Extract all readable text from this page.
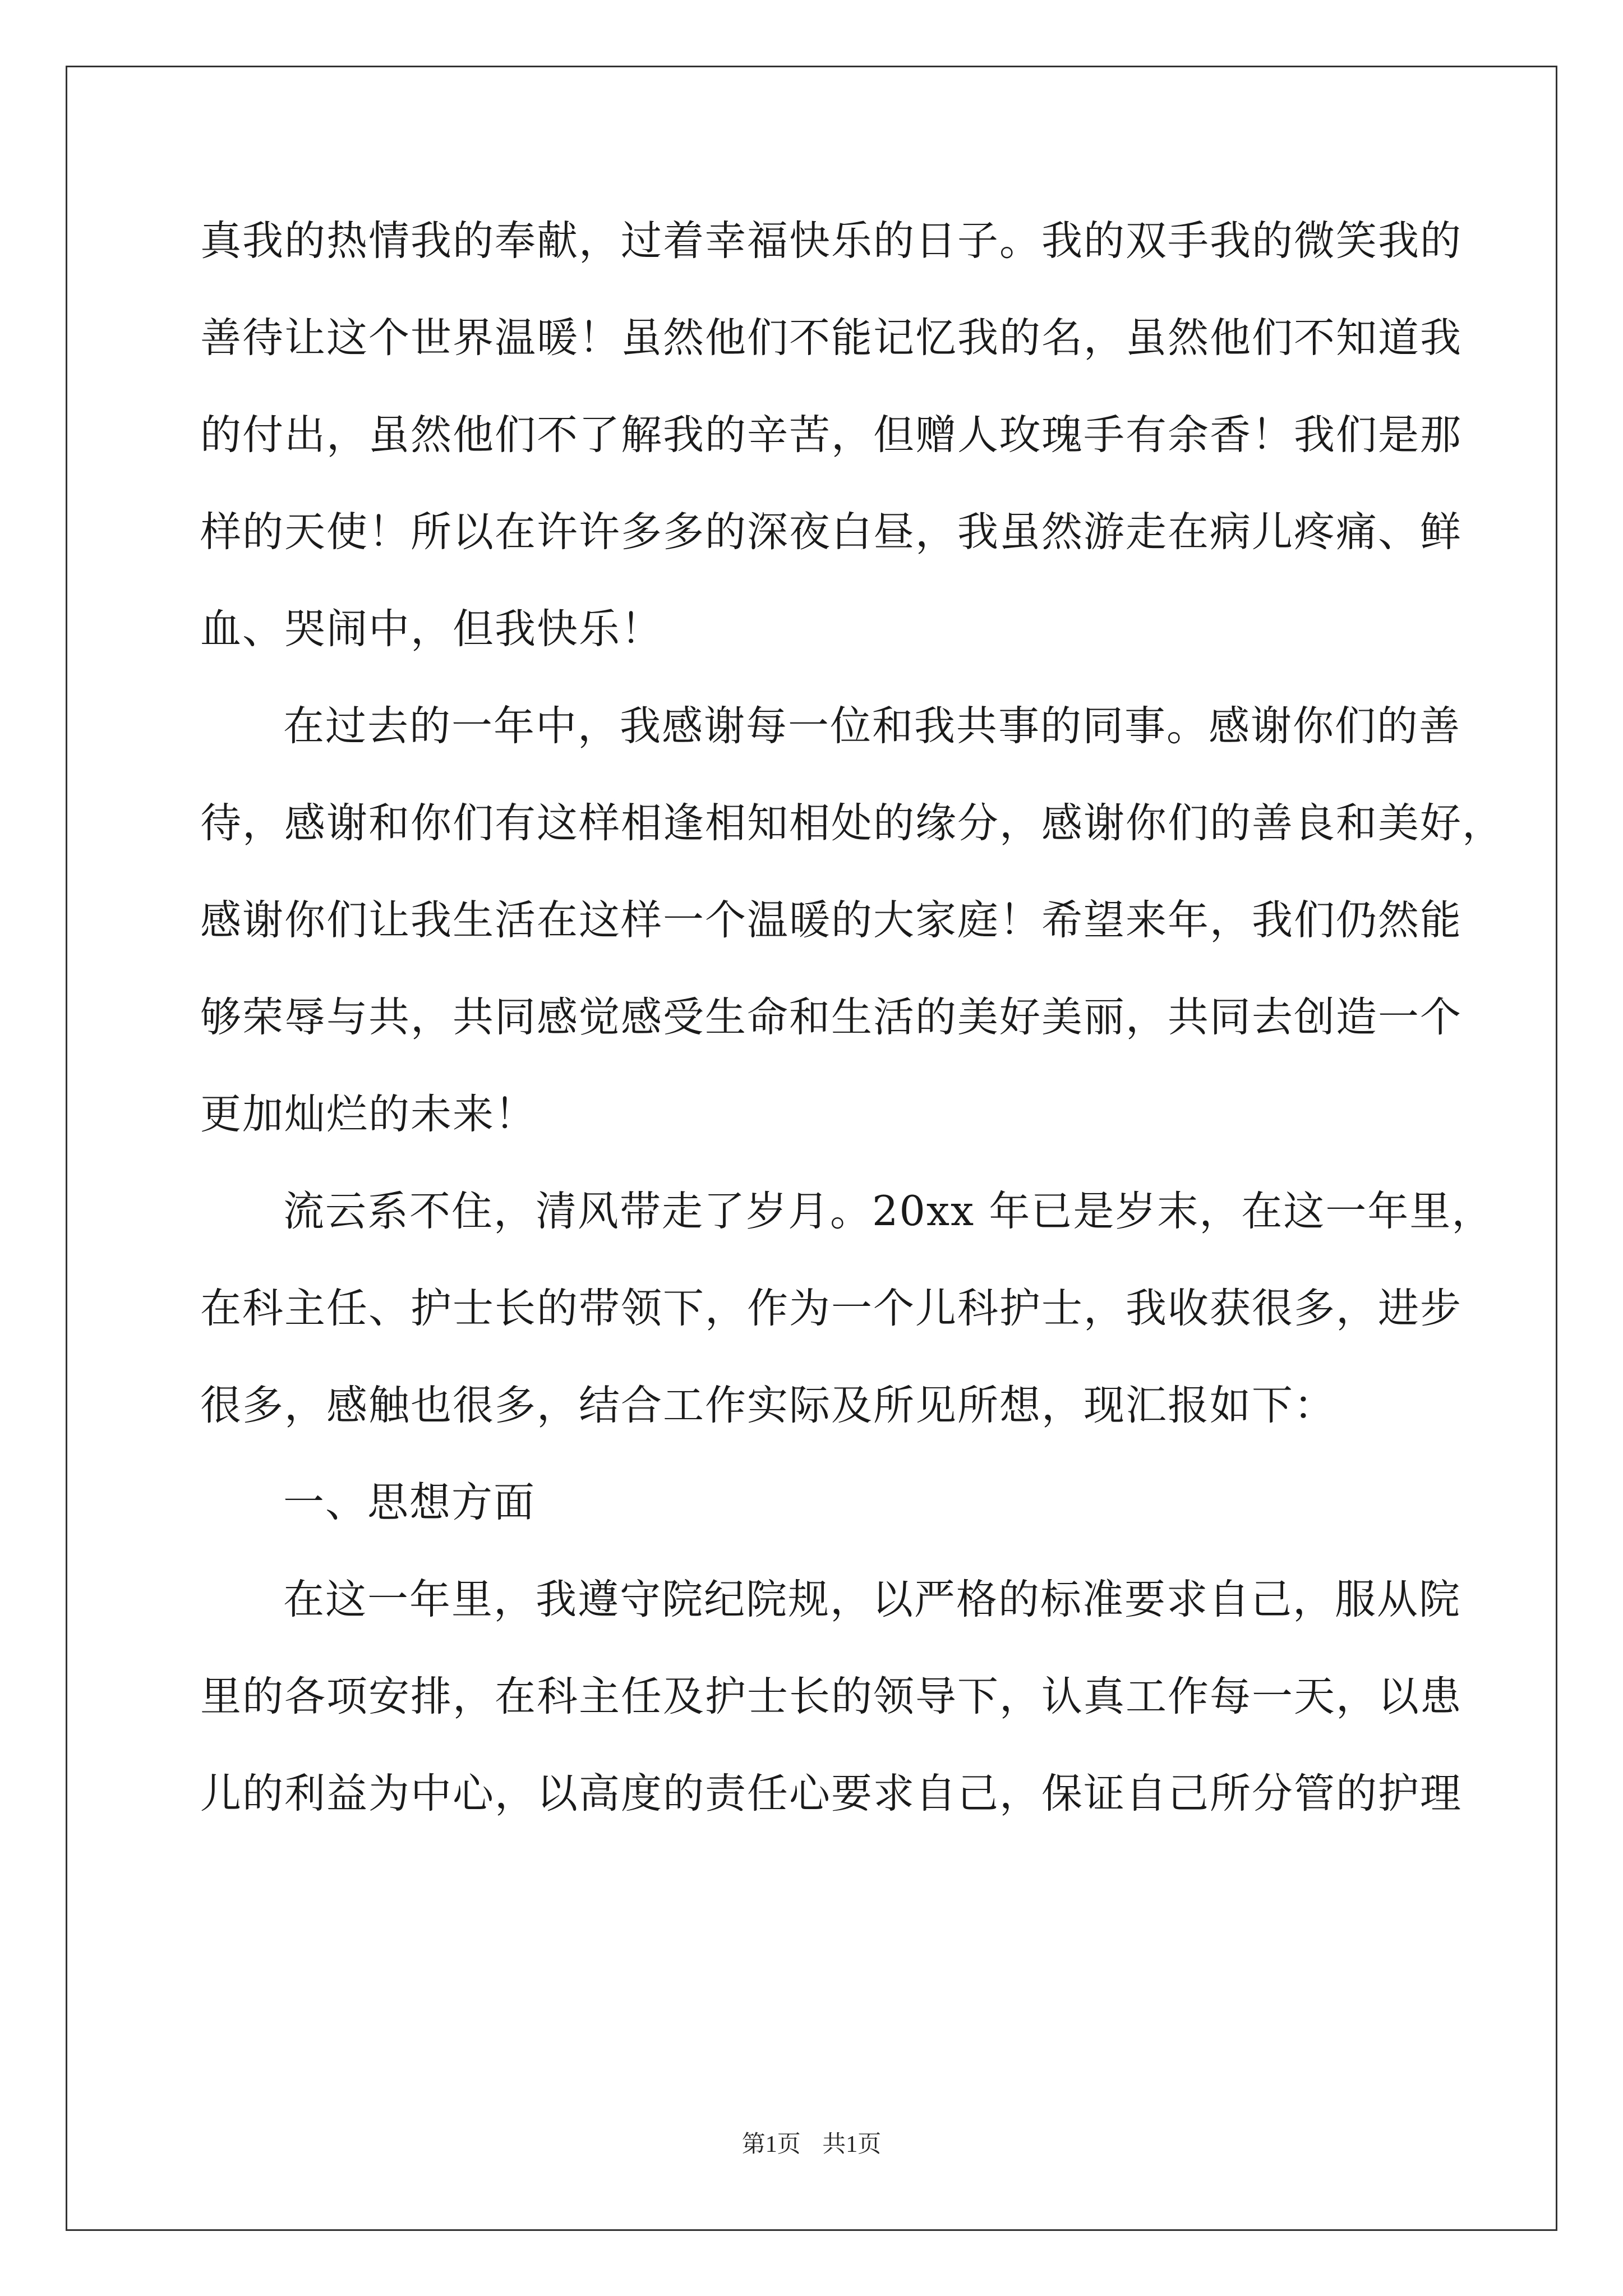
真我的热情我的奉献，过着幸福快乐的日子。我的双手我的微笑我的
善待让这个世界温暖！虽然他们不能记忆我的名，虽然他们不知道我
的付出，虽然他们不了解我的辛苦，但赠人玫瑰手有余香！我们是那
样的天使！所以在许许多多的深夜白昼，我虽然游走在病儿疼痛、鲜
血、哭闹中，但我快乐！
在过去的一年中，我感谢每一位和我共事的同事。感谢你们的善
待，感谢和你们有这样相逢相知相处的缘分，感谢你们的善良和美好，
感谢你们让我生活在这样一个温暖的大家庭！希望来年，我们仍然能
够荣辱与共，共同感觉感受生命和生活的美好美丽，共同去创造一个
更加灿烂的未来！
流云系不住，清风带走了岁月。20xx 年已是岁末，在这一年里，
在科主任、护士长的带领下，作为一个儿科护士，我收获很多，进步
很多，感触也很多，结合工作实际及所见所想，现汇报如下：
一、思想方面
在这一年里，我遵守院纪院规，以严格的标准要求自己，服从院
里的各项安排，在科主任及护士长的领导下，认真工作每一天，以患
儿的利益为中心，以高度的责任心要求自己，保证自己所分管的护理
第1页 共1页
